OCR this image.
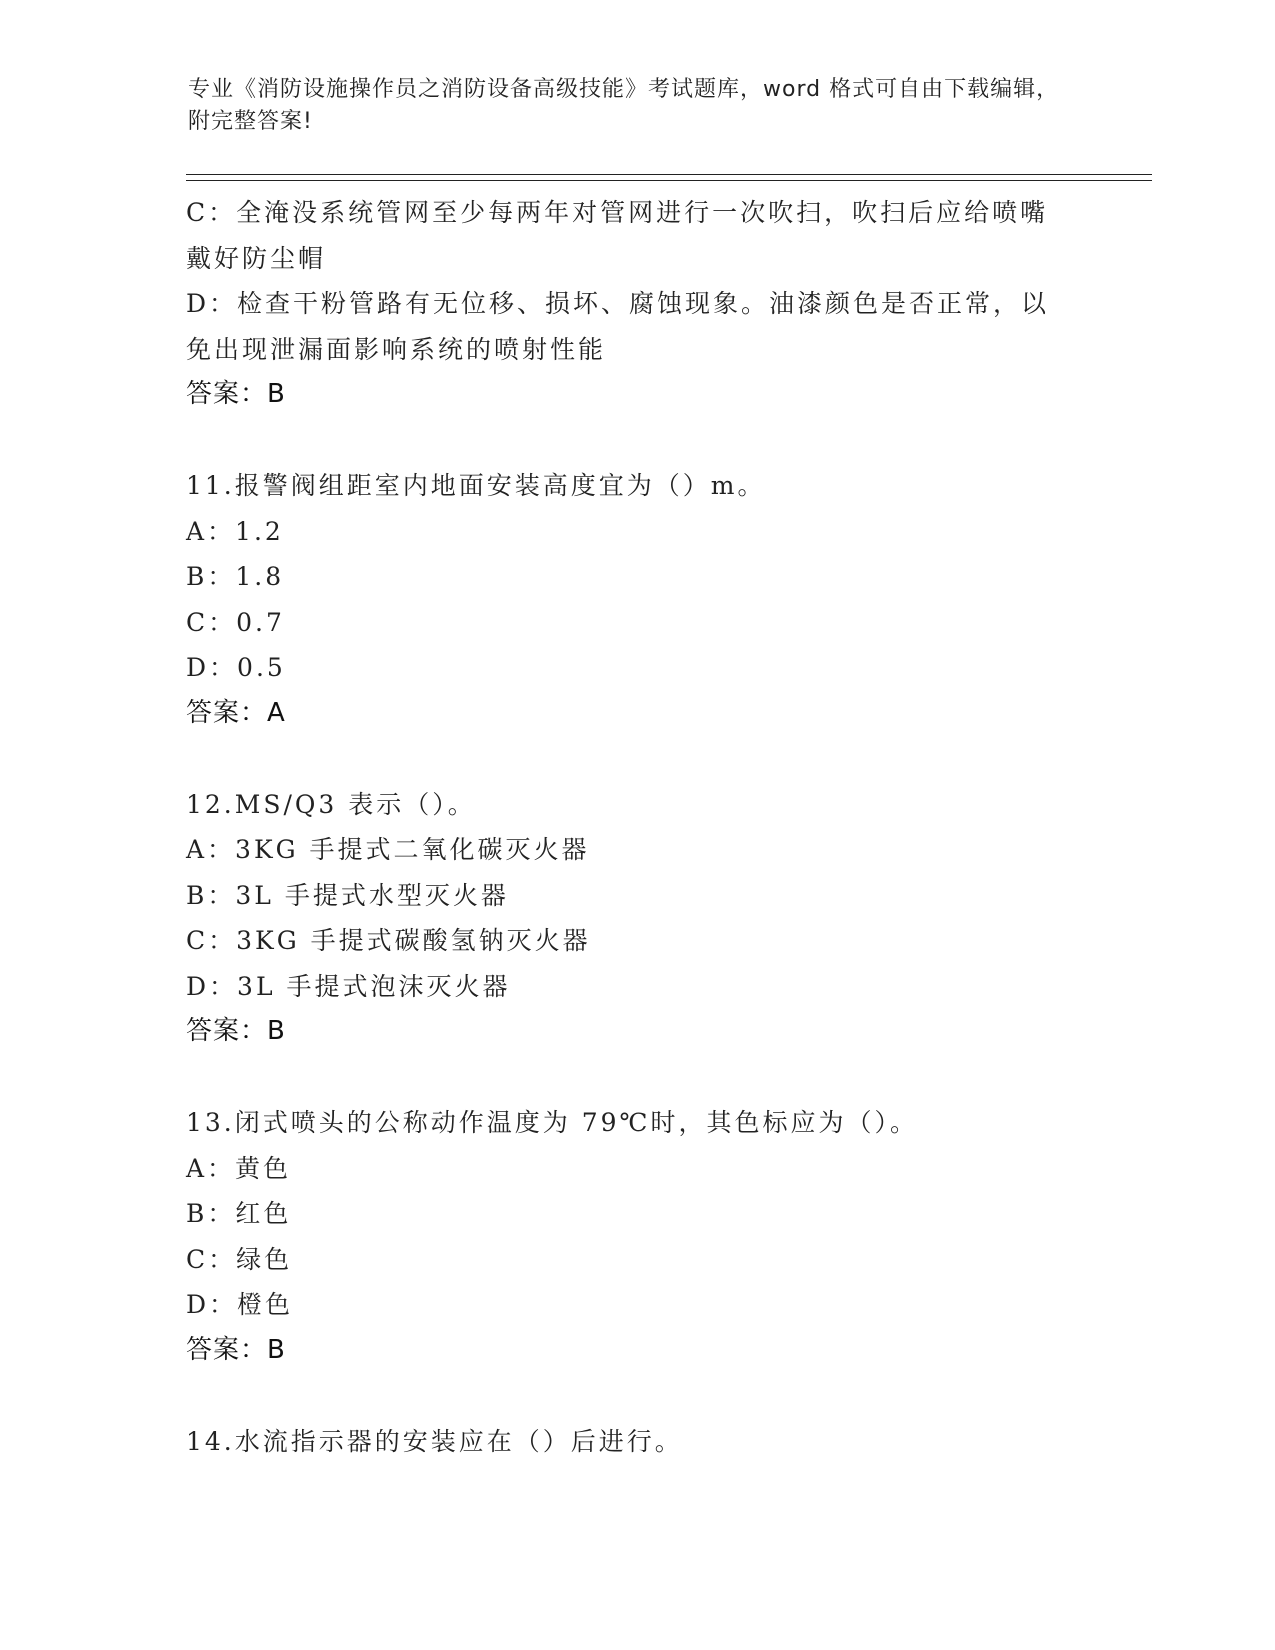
专业《消防设施操作员之消防设备高级技能》考试题库，word 格式可自由下载编辑，附完整答案!
C：全淹没系统管网至少每两年对管网进行一次吹扫，吹扫后应给喷嘴
戴好防尘帽
D：检查干粉管路有无位移、损坏、腐蚀现象。油漆颜色是否正常，以
免出现泄漏面影响系统的喷射性能
答案：B
11.报警阀组距室内地面安装高度宜为（）m。
A：1.2
B：1.8
C：0.7
D：0.5
答案：A
12.MS/Q3 表示（）。
A：3KG 手提式二氧化碳灭火器
B：3L 手提式水型灭火器
C：3KG 手提式碳酸氢钠灭火器
D：3L 手提式泡沫灭火器
答案：B
13.闭式喷头的公称动作温度为 79℃时，其色标应为（）。
A：黄色
B：红色
C：绿色
D：橙色
答案：B
14.水流指示器的安装应在（）后进行。
